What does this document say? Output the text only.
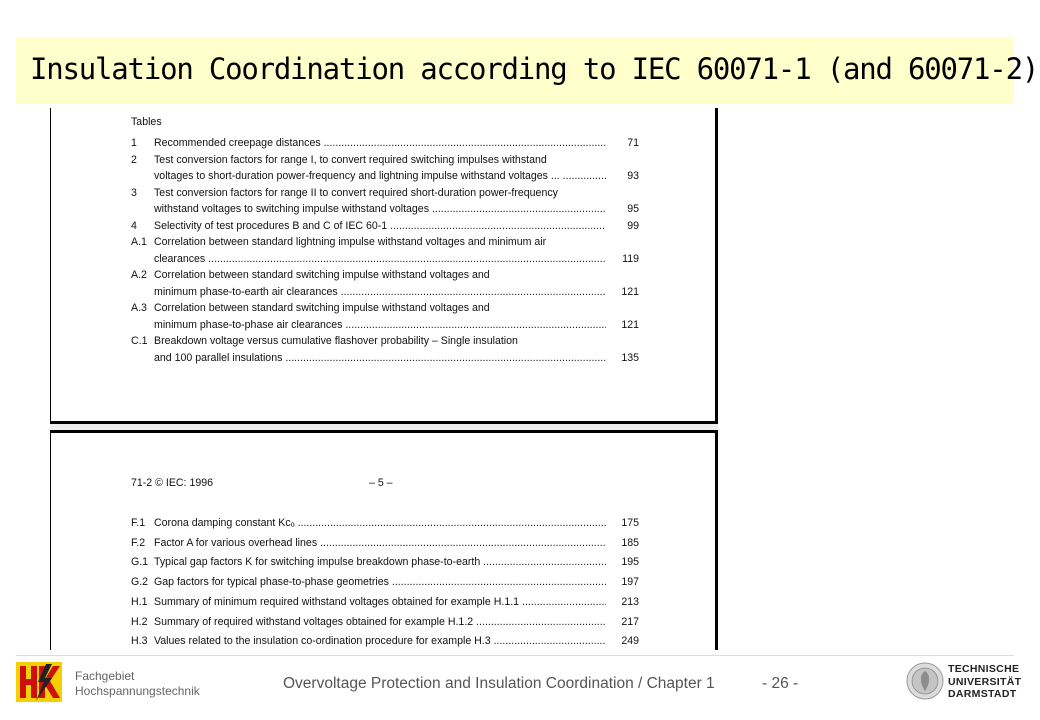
Insulation Coordination according to IEC 60071-1 (and 60071-2)
Tables
1 Recommended creepage distances .....	71
2 Test conversion factors for range I, to convert required switching impulses withstand
voltages to short-duration power-frequency and lightning impulse withstand voltages ... .....	93
3 Test conversion factors for range II to convert required short-duration power-frequency
withstand voltages to switching impulse withstand voltages .....	95
4 Selectivity of test procedures B and C of IEC 60-1 .....	99
A.1 Correlation between standard lightning impulse withstand voltages and minimum air
clearances .....	119
A.2 Correlation between standard switching impulse withstand voltages and
minimum phase-to-earth air clearances .....	121
A.3 Correlation between standard switching impulse withstand voltages and
minimum phase-to-phase air clearances .....	121
C.1 Breakdown voltage versus cumulative flashover probability – Single insulation
and 100 parallel insulations .....	135
71-2 © IEC: 1996	– 5 –
F.1 Corona damping constant Kᴄₒ .....	175
F.2 Factor A for various overhead lines .....	185
G.1 Typical gap factors K for switching impulse breakdown phase-to-earth .....	195
G.2 Gap factors for typical phase-to-phase geometries .....	197
H.1 Summary of minimum required withstand voltages obtained for example H.1.1 .....	213
H.2 Summary of required withstand voltages obtained for example H.1.2 .....	217
H.3 Values related to the insulation co-ordination procedure for example H.3 .....	249
Fachgebiet
Hochspannungstechnik	Overvoltage Protection and Insulation Coordination / Chapter 1	- 26 -
TECHNISCHE
UNIVERSITÄT
DARMSTADT
